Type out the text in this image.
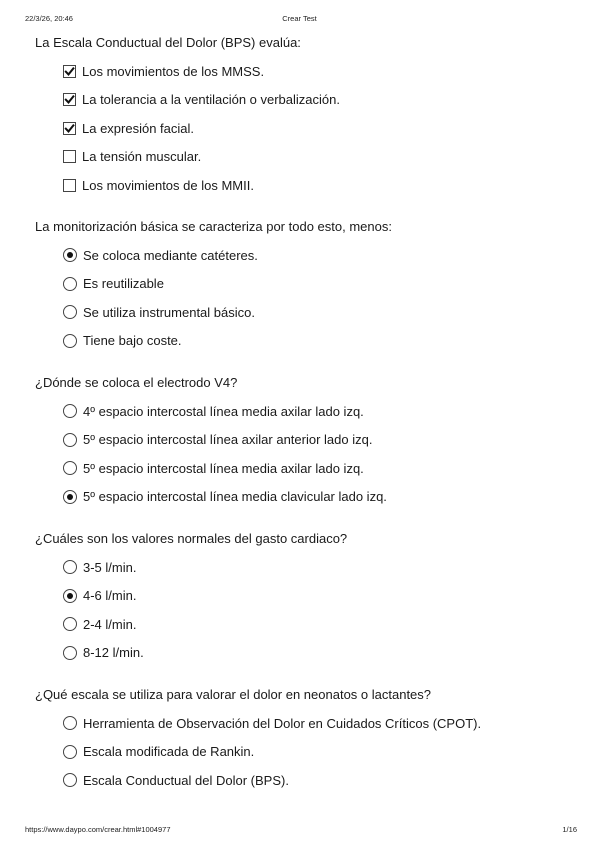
22/3/26, 20:46	Crear Test
La Escala Conductual del Dolor (BPS) evalúa:
Los movimientos de los MMSS.
La tolerancia a la ventilación o verbalización.
La expresión facial.
La tensión muscular.
Los movimientos de los MMII.
La monitorización básica se caracteriza por todo esto, menos:
Se coloca mediante catéteres.
Es reutilizable
Se utiliza instrumental básico.
Tiene bajo coste.
¿Dónde se coloca el electrodo V4?
4º espacio intercostal línea media axilar lado izq.
5º espacio intercostal línea axilar anterior lado izq.
5º espacio intercostal línea media axilar lado izq.
5º espacio intercostal línea media clavicular lado izq.
¿Cuáles son los valores normales del gasto cardiaco?
3-5 l/min.
4-6 l/min.
2-4 l/min.
8-12 l/min.
¿Qué escala se utiliza para valorar el dolor en neonatos o lactantes?
Herramienta de Observación del Dolor en Cuidados Críticos (CPOT).
Escala modificada de Rankin.
Escala Conductual del Dolor (BPS).
https://www.daypo.com/crear.html#1004977	1/16
